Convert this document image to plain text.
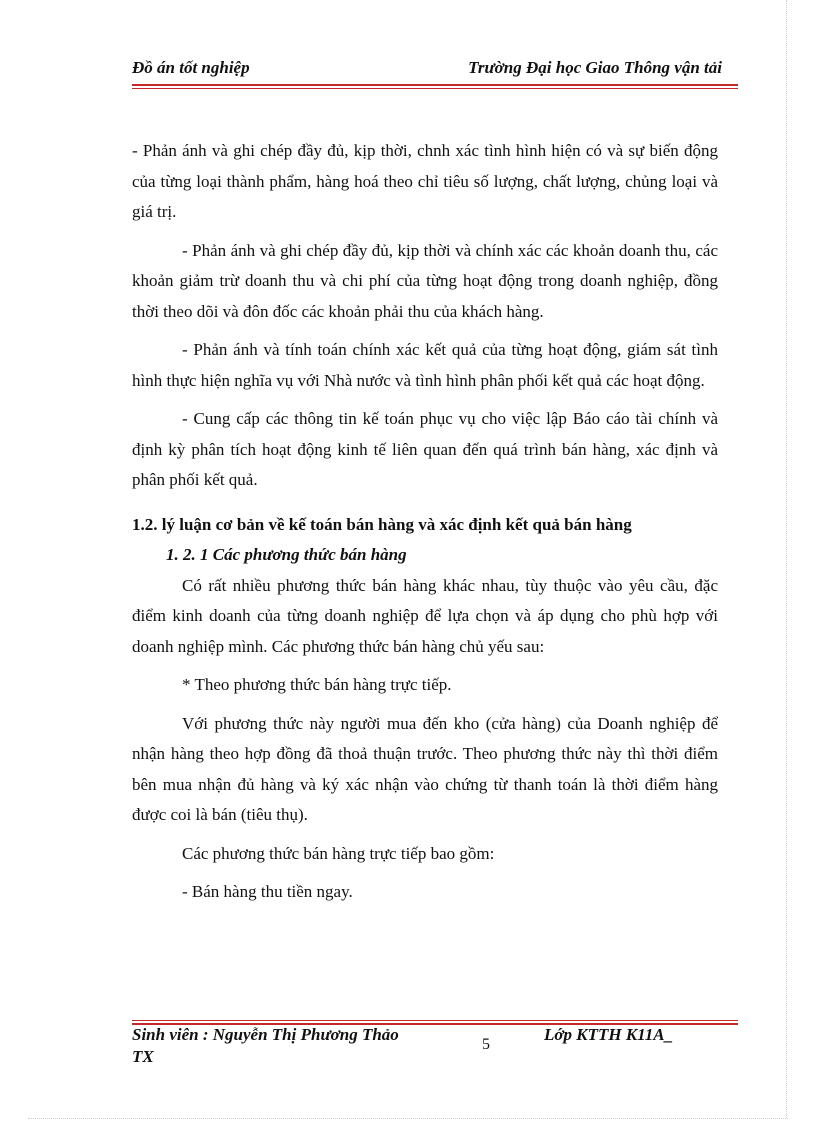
Đồ án tốt nghiệp	Trường Đại học Giao Thông vận tải

- Phản ánh và ghi chép đầy đủ, kịp thời, chnh xác tình hình hiện có và sự biến động của từng loại thành phẩm, hàng hoá theo chỉ tiêu số lượng, chất lượng, chủng loại và giá trị.

- Phản ánh và ghi chép đầy đủ, kịp thời và chính xác các khoản doanh thu, các khoản giảm trừ doanh thu và chi phí của từng hoạt động trong doanh nghiệp, đồng thời theo dõi và đôn đốc các khoản phải thu của khách hàng.

- Phản ánh và tính toán chính xác kết quả của từng hoạt động, giám sát tình hình thực hiện nghĩa vụ với Nhà nước và tình hình phân phối kết quả các hoạt động.

- Cung cấp các thông tin kế toán phục vụ cho việc lập Báo cáo tài chính và định kỳ phân tích hoạt động kinh tế liên quan đến quá trình bán hàng, xác định và phân phối kết quả.

1.2. lý luận cơ bản về kế toán bán hàng và xác định kết quả bán hàng

1. 2. 1 Các phương thức bán hàng

Có rất nhiều phương thức bán hàng khác nhau, tùy thuộc vào yêu cầu, đặc điểm kinh doanh của từng doanh nghiệp để lựa chọn và áp dụng cho phù hợp với doanh nghiệp mình. Các phương thức bán hàng chủ yếu sau:

* Theo phương thức bán hàng trực tiếp.

Với phương thức này người mua đến kho (cửa hàng) của Doanh nghiệp để nhận hàng theo hợp đồng đã thoả thuận trước. Theo phương thức này thì thời điểm bên mua nhận đủ hàng và ký xác nhận vào chứng từ thanh toán là thời điểm hàng được coi là bán (tiêu thụ).

Các phương thức bán hàng trực tiếp bao gồm:

- Bán hàng thu tiền ngay.

Sinh viên : Nguyễn Thị Phương Thảo
TX
5
Lớp KTTH K11A_
